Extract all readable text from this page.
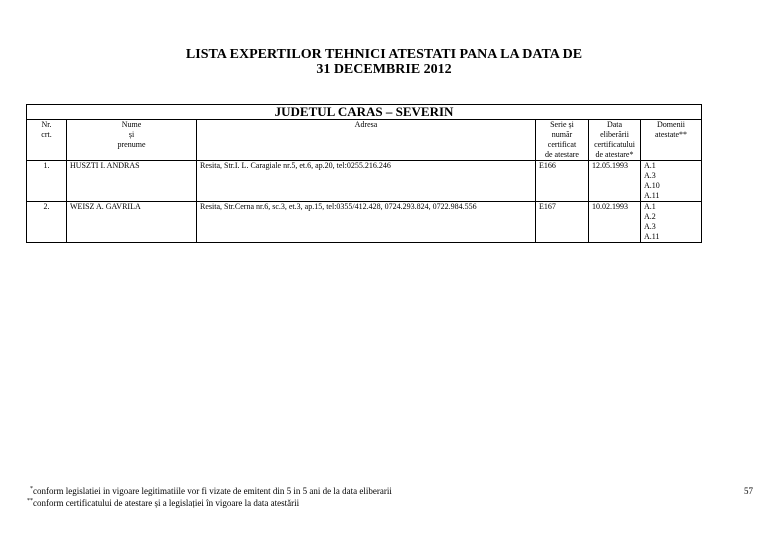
LISTA EXPERTILOR TEHNICI ATESTATI PANA LA DATA DE
31 DECEMBRIE 2012
JUDETUL CARAS – SEVERIN					

Nr.
crt.	Nume
și
prenume	Adresa	Serie și
număr
certificat
de atestare	Data
eliberării
certificatului
de atestare*	Domenii
atestate**

1.	HUSZTI I. ANDRAS	Resita, Str.I. L. Caragiale nr.5, et.6, ap.20, tel:0255.216.246	E166	12.05.1993	A.1
A.3
A.10
A.11

2.	WEISZ A. GAVRILA	Resita, Str.Cerna nr.6, sc.3, et.3, ap.15, tel:0355/412.428, 0724.293.824, 0722.984.556	E167	10.02.1993	A.1
A.2
A.3
A.11
*conform legislatiei in vigoare legitimatiile vor fi vizate de emitent din 5 in 5 ani de la data eliberarii
**conform certificatului de atestare și a legislației în vigoare la data atestării
57
